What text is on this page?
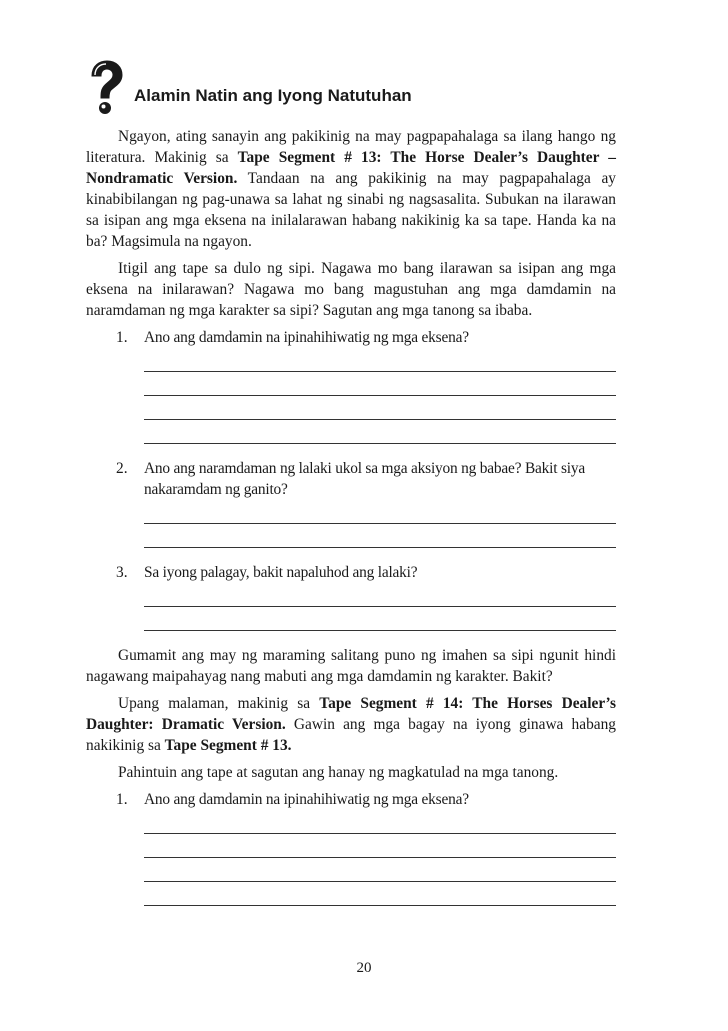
Alamin Natin ang Iyong Natutuhan

Ngayon, ating sanayin ang pakikinig na may pagpapahalaga sa ilang hango ng literatura. Makinig sa Tape Segment # 13: The Horse Dealer’s Daughter – Nondramatic Version. Tandaan na ang pakikinig na may pagpapahalaga ay kinabibilangan ng pag-unawa sa lahat ng sinabi ng nagsasalita. Subukan na ilarawan sa isipan ang mga eksena na inilalarawan habang nakikinig ka sa tape. Handa ka na ba? Magsimula na ngayon.

Itigil ang tape sa dulo ng sipi. Nagawa mo bang ilarawan sa isipan ang mga eksena na inilarawan? Nagawa mo bang magustuhan ang mga damdamin na naramdaman ng mga karakter sa sipi? Sagutan ang mga tanong sa ibaba.

1.	Ano ang damdamin na ipinahihiwatig ng mga eksena?
2.	Ano ang naramdaman ng lalaki ukol sa mga aksiyon ng babae? Bakit siya nakaramdam ng ganito?
3.	Sa iyong palagay, bakit napaluhod ang lalaki?

Gumamit ang may ng maraming salitang puno ng imahen sa sipi ngunit hindi nagawang maipahayag nang mabuti ang mga damdamin ng karakter. Bakit?

Upang malaman, makinig sa Tape Segment # 14: The Horses Dealer’s Daughter: Dramatic Version. Gawin ang mga bagay na iyong ginawa habang nakikinig sa Tape Segment # 13.

Pahintuin ang tape at sagutan ang hanay ng magkatulad na mga tanong.

1.	Ano ang damdamin na ipinahihiwatig ng mga eksena?
20
